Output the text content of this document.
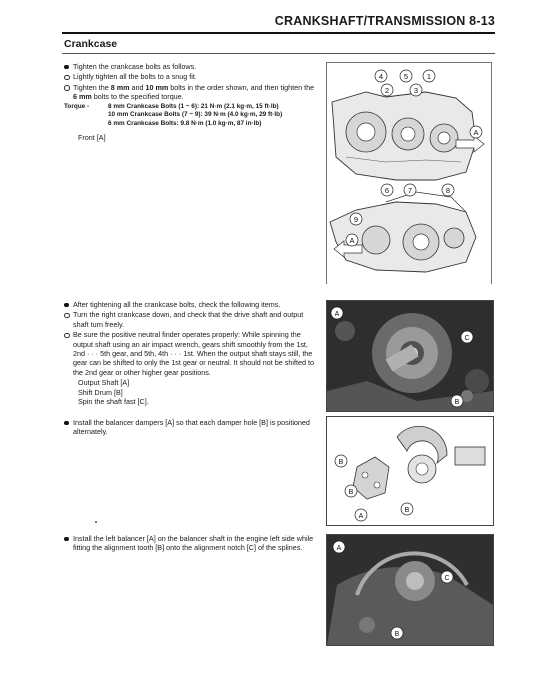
CRANKSHAFT/TRANSMISSION 8-13
Crankcase
Tighten the crankcase bolts as follows.
Lightly tighten all the bolts to a snug fit.
Tighten the 8 mm and 10 mm bolts in the order shown, and then tighten the 6 mm bolts to the specified torque.
Torque -	8 mm Crankcase Bolts (1 ~ 6): 21 N·m (2.1 kg·m, 15 ft·lb)
10 mm Crankcase Bolts (7 ~ 9): 39 N·m (4.0 kg·m, 29 ft·lb)
6 mm Crankcase Bolts: 9.8 N·m (1.0 kg·m, 87 in·lb)
Front [A]
After tightening all the crankcase bolts, check the following items.
Turn the right crankcase down, and check that the drive shaft and output shaft turn freely.
Be sure the positive neutral finder operates properly: While spinning the output shaft using an air impact wrench, gears shift smoothly from the 1st, 2nd · · · 5th gear, and 5th, 4th · · · 1st. When the output shaft stays still, the gear can be shifted to only the 1st gear or neutral. It should not be shifted to the 2nd gear or other higher gear positions.
Output Shaft [A]
Shift Drum [B]
Spin the shaft fast [C].
Install the balancer dampers [A] so that each damper hole [B] is positioned alternately.
Install the left balancer [A] on the balancer shaft in the engine left side while fitting the alignment tooth [B] onto the alignment notch [C] of the splines.
4	5	1
2	3
6	7	8
9
A
A
A
B
C
B
B
A
B
A
C
B
